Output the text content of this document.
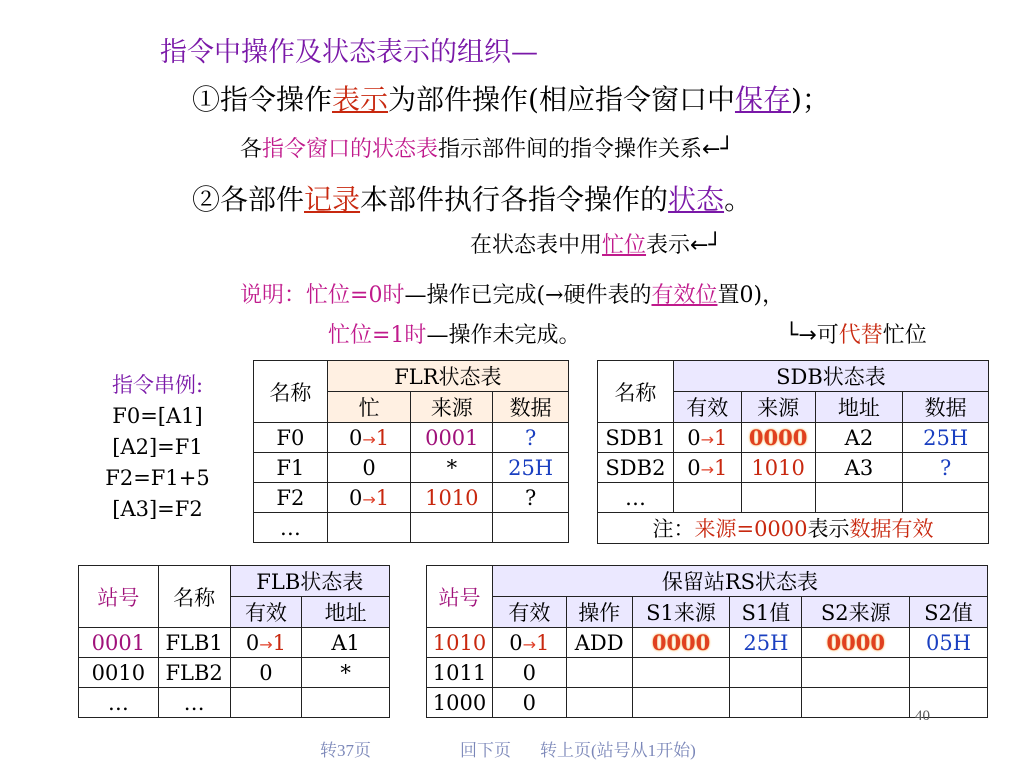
指令中操作及状态表示的组织—
①指令操作表示为部件操作(相应指令窗口中保存)；
各指令窗口的状态表指示部件间的指令操作关系←┘
②各部件记录本部件执行各指令操作的状态。
在状态表中用忙位表示←┘
说明：忙位=0时—操作已完成(→硬件表的有效位置0)，
忙位=1时—操作未完成。	└→可代替忙位
指令串例:
F0=[A1]
[A2]=F1
F2=F1+5
[A3]=F2
名称	FLR状态表		
	忙	来源	数据
F0	0→1	0001	?
F1	0	*	25H
F2	0→1	1010	?
…			
名称	SDB状态表			
	有效	来源	地址	数据
SDB1	0→1	0000	A2	25H
SDB2	0→1	1010	A3	?
…				
注：来源=0000表示数据有效				
站号	名称	FLB状态表	
		有效	地址
0001	FLB1	0→1	A1
0010	FLB2	0	*
…	…		
站号	保留站RS状态表					
	有效	操作	S1来源	S1值	S2来源	S2值
1010	0→1	ADD	0000	25H	0000	05H
1011	0					
1000	0					
40
转37页	回下页 转上页(站号从1开始)
